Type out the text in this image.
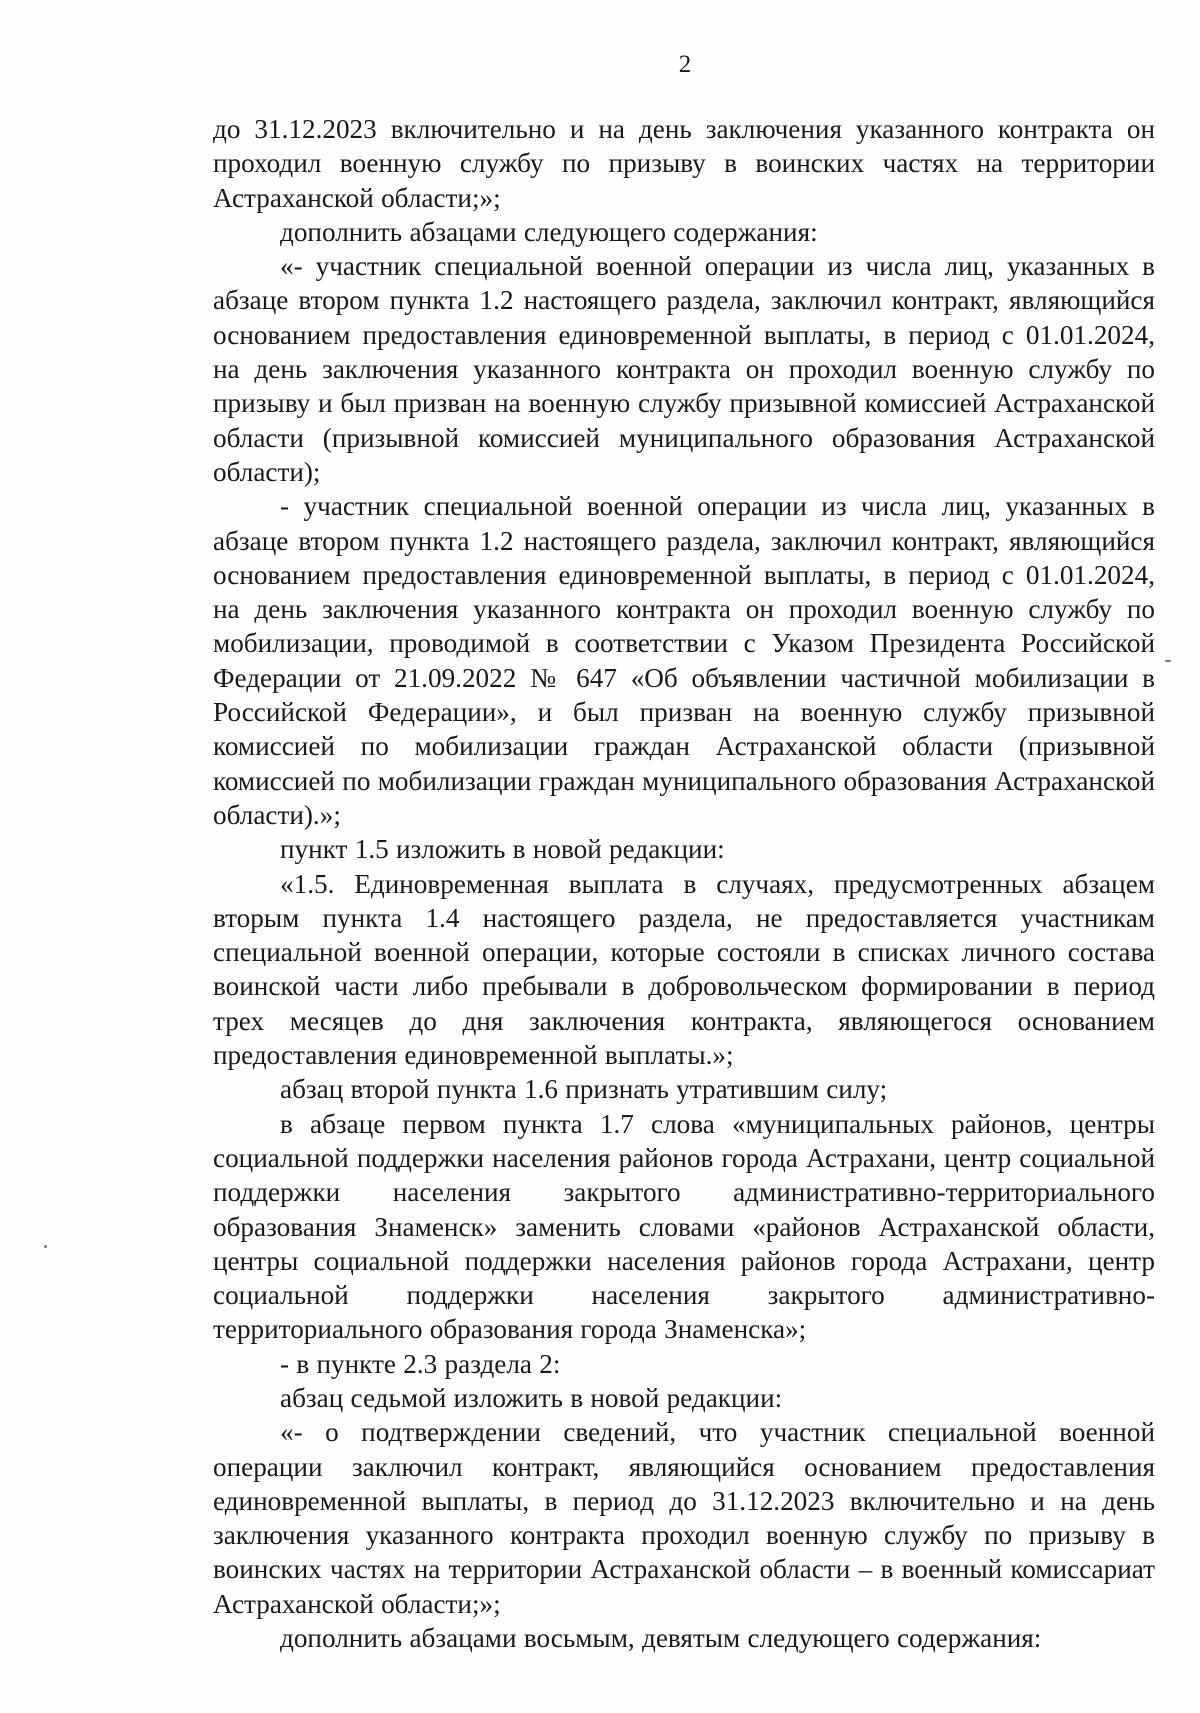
2

до 31.12.2023 включительно и на день заключения указанного контракта он проходил военную службу по призыву в воинских частях на территории Астраханской области;»;

дополнить абзацами следующего содержания:

«- участник специальной военной операции из числа лиц, указанных в абзаце втором пункта 1.2 настоящего раздела, заключил контракт, являющийся основанием предоставления единовременной выплаты, в период с 01.01.2024, на день заключения указанного контракта он проходил военную службу по призыву и был призван на военную службу призывной комиссией Астраханской области (призывной комиссией муниципального образования Астраханской области);

- участник специальной военной операции из числа лиц, указанных в абзаце втором пункта 1.2 настоящего раздела, заключил контракт, являющийся основанием предоставления единовременной выплаты, в период с 01.01.2024, на день заключения указанного контракта он проходил военную службу по мобилизации, проводимой в соответствии с Указом Президента Российской Федерации от 21.09.2022 № 647 «Об объявлении частичной мобилизации в Российской Федерации», и был призван на военную службу призывной комиссией по мобилизации граждан Астраханской области (призывной комиссией по мобилизации граждан муниципального образования Астраханской области).»;

пункт 1.5 изложить в новой редакции:

«1.5. Единовременная выплата в случаях, предусмотренных абзацем вторым пункта 1.4 настоящего раздела, не предоставляется участникам специальной военной операции, которые состояли в списках личного состава воинской части либо пребывали в добровольческом формировании в период трех месяцев до дня заключения контракта, являющегося основанием предоставления единовременной выплаты.»;

абзац второй пункта 1.6 признать утратившим силу;

в абзаце первом пункта 1.7 слова «муниципальных районов, центры социальной поддержки населения районов города Астрахани, центр социальной поддержки населения закрытого административно-территориального образования Знаменск» заменить словами «районов Астраханской области, центры социальной поддержки населения районов города Астрахани, центр социальной поддержки населения закрытого административно-территориального образования города Знаменска»;

- в пункте 2.3 раздела 2:

абзац седьмой изложить в новой редакции:

«- о подтверждении сведений, что участник специальной военной операции заключил контракт, являющийся основанием предоставления единовременной выплаты, в период до 31.12.2023 включительно и на день заключения указанного контракта проходил военную службу по призыву в воинских частях на территории Астраханской области – в военный комиссариат Астраханской области;»;

дополнить абзацами восьмым, девятым следующего содержания:
